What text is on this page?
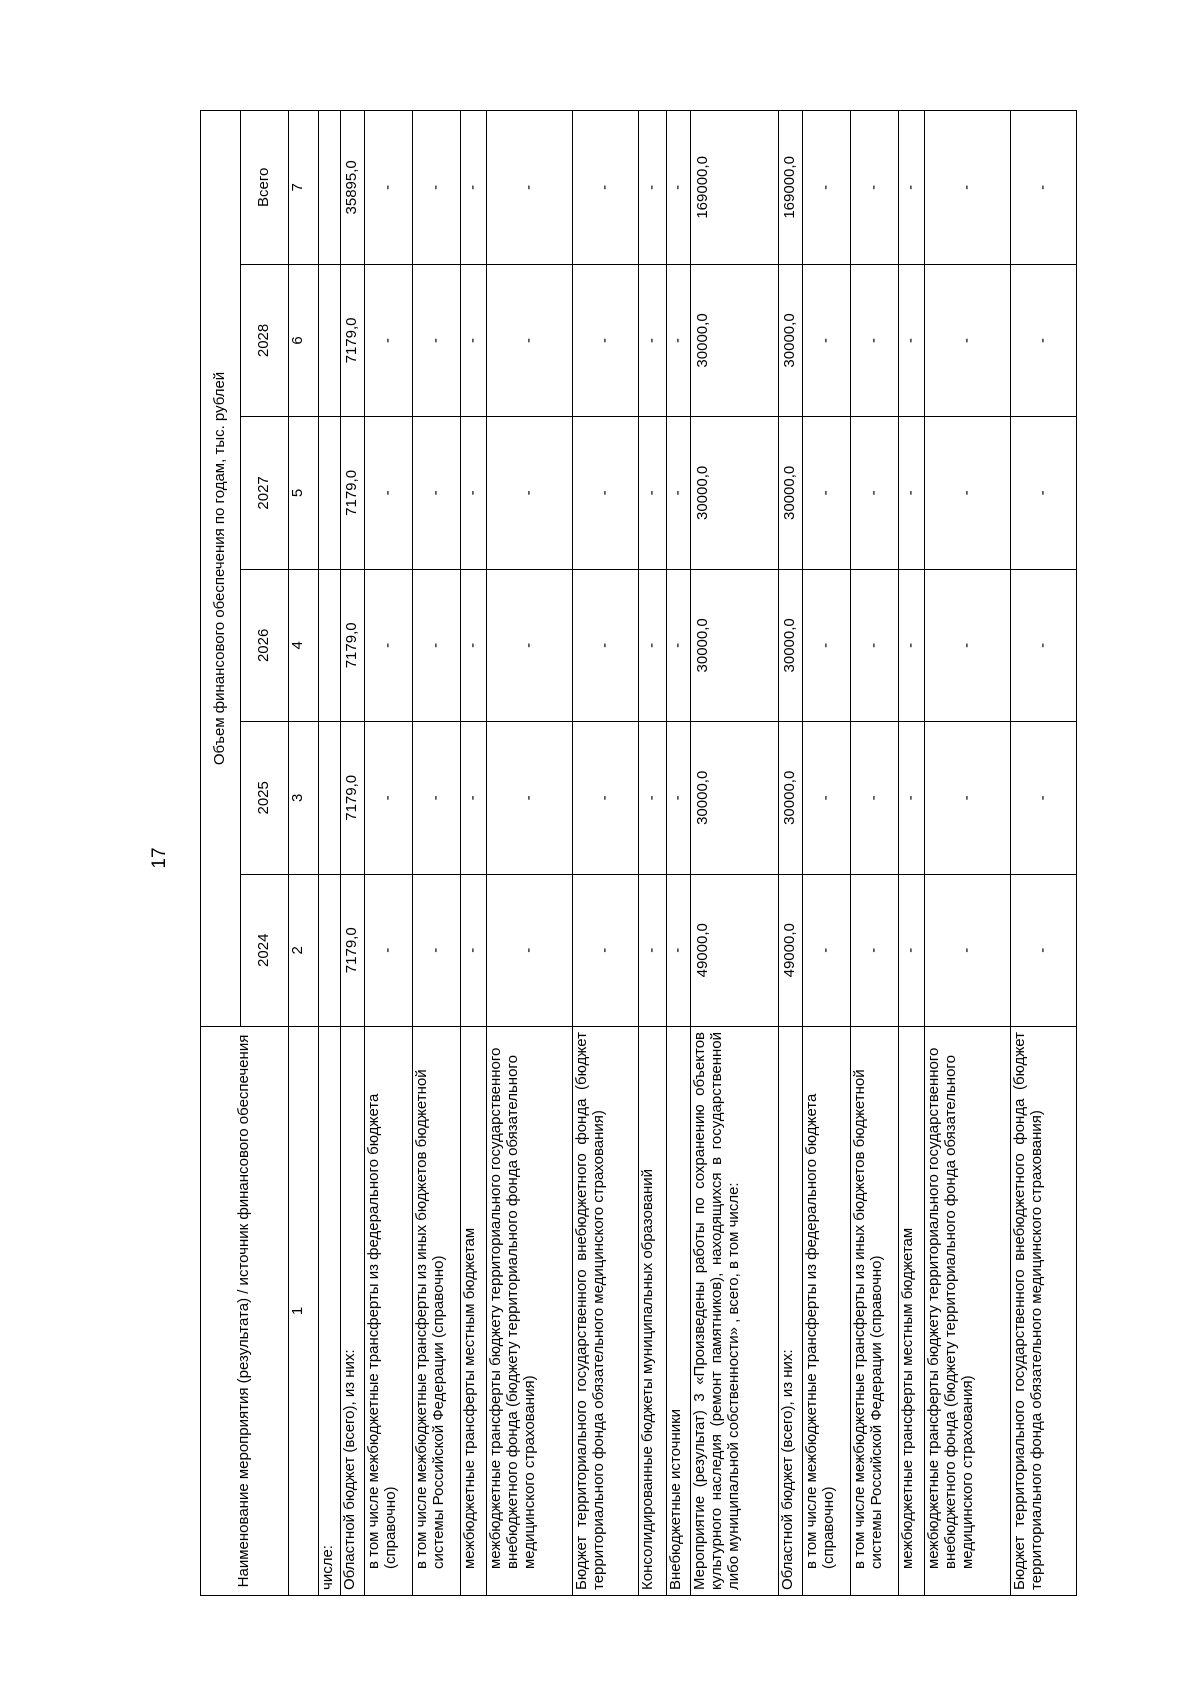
17
Наименование мероприятия (результата) / источник финансового обеспечения	Объем финансового обеспечения по годам, тыс. рублей					
	2024	2025	2026	2027	2028	Всего
1	2	3	4	5	6	7
числе:						
Областной бюджет (всего), из них:	7179,0	7179,0	7179,0	7179,0	7179,0	35895,0
в том числе межбюджетные трансферты из федерального бюджета (справочно)	-	-	-	-	-	-
в том числе межбюджетные трансферты из иных бюджетов бюджетной системы Российской Федерации (справочно)	-	-	-	-	-	-
межбюджетные трансферты местным бюджетам	-	-	-	-	-	-
межбюджетные трансферты бюджету территориального государственного внебюджетного фонда (бюджету территориального фонда обязательного медицинского страхования)	-	-	-	-	-	-
Бюджет территориального государственного внебюджетного фонда (бюджет территориального фонда обязательного медицинского страхования)	-	-	-	-	-	-
Консолидированные бюджеты муниципальных образований	-	-	-	-	-	-
Внебюджетные источники	-	-	-	-	-	-
Мероприятие (результат) 3 «Произведены работы по сохранению объектов культурного наследия (ремонт памятников), находящихся в государственной либо муниципальной собственности» , всего, в том числе:	49000,0	30000,0	30000,0	30000,0	30000,0	169000,0
Областной бюджет (всего), из них:	49000,0	30000,0	30000,0	30000,0	30000,0	169000,0
в том числе межбюджетные трансферты из федерального бюджета (справочно)	-	-	-	-	-	-
в том числе межбюджетные трансферты из иных бюджетов бюджетной системы Российской Федерации (справочно)	-	-	-	-	-	-
межбюджетные трансферты местным бюджетам	-	-	-	-	-	-
межбюджетные трансферты бюджету территориального государственного внебюджетного фонда (бюджету территориального фонда обязательного медицинского страхования)	-	-	-	-	-	-
Бюджет территориального государственного внебюджетного фонда (бюджет территориального фонда обязательного медицинского страхования)	-	-	-	-	-	-
